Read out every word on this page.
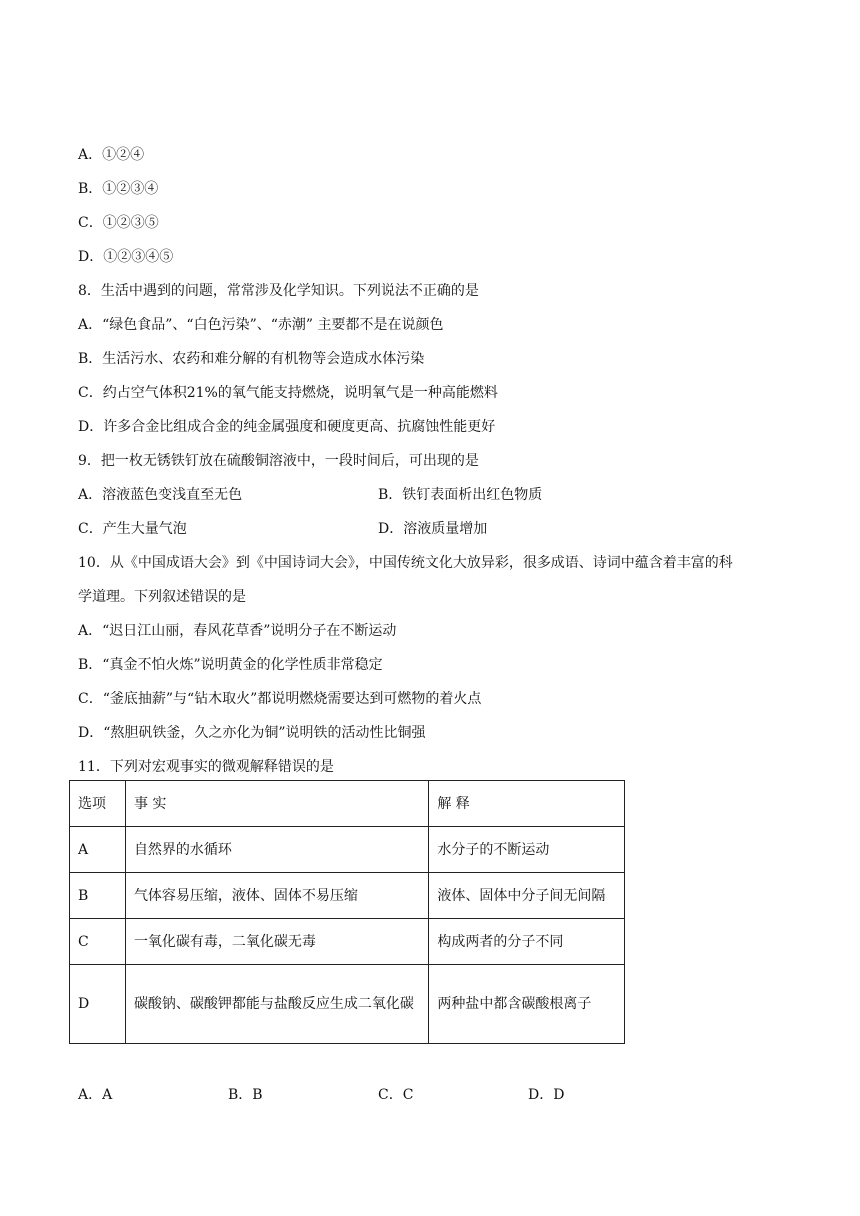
A．①②④
B．①②③④
C．①②③⑤
D．①②③④⑤
8．生活中遇到的问题，常常涉及化学知识。下列说法不正确的是
A．“绿色食品”、“白色污染”、“赤潮” 主要都不是在说颜色
B．生活污水、农药和难分解的有机物等会造成水体污染
C．约占空气体积21%的氧气能支持燃烧，说明氧气是一种高能燃料
D．许多合金比组成合金的纯金属强度和硬度更高、抗腐蚀性能更好
9．把一枚无锈铁钉放在硫酸铜溶液中，一段时间后，可出现的是
A．溶液蓝色变浅直至无色	B．铁钉表面析出红色物质
C．产生大量气泡	D．溶液质量增加
10．从《中国成语大会》到《中国诗词大会》，中国传统文化大放异彩，很多成语、诗词中蕴含着丰富的科
学道理。下列叙述错误的是
A．“迟日江山丽，春风花草香”说明分子在不断运动
B．“真金不怕火炼”说明黄金的化学性质非常稳定
C．“釜底抽薪”与“钻木取火”都说明燃烧需要达到可燃物的着火点
D．“熬胆矾铁釜，久之亦化为铜”说明铁的活动性比铜强
11．下列对宏观事实的微观解释错误的是
选项	事 实	解 释
A	自然界的水循环	水分子的不断运动
B	气体容易压缩，液体、固体不易压缩	液体、固体中分子间无间隔
C	一氧化碳有毒，二氧化碳无毒	构成两者的分子不同
D	碳酸钠、碳酸钾都能与盐酸反应生成二氧化碳	两种盐中都含碳酸根离子
A．A	B．B	C．C	D．D
